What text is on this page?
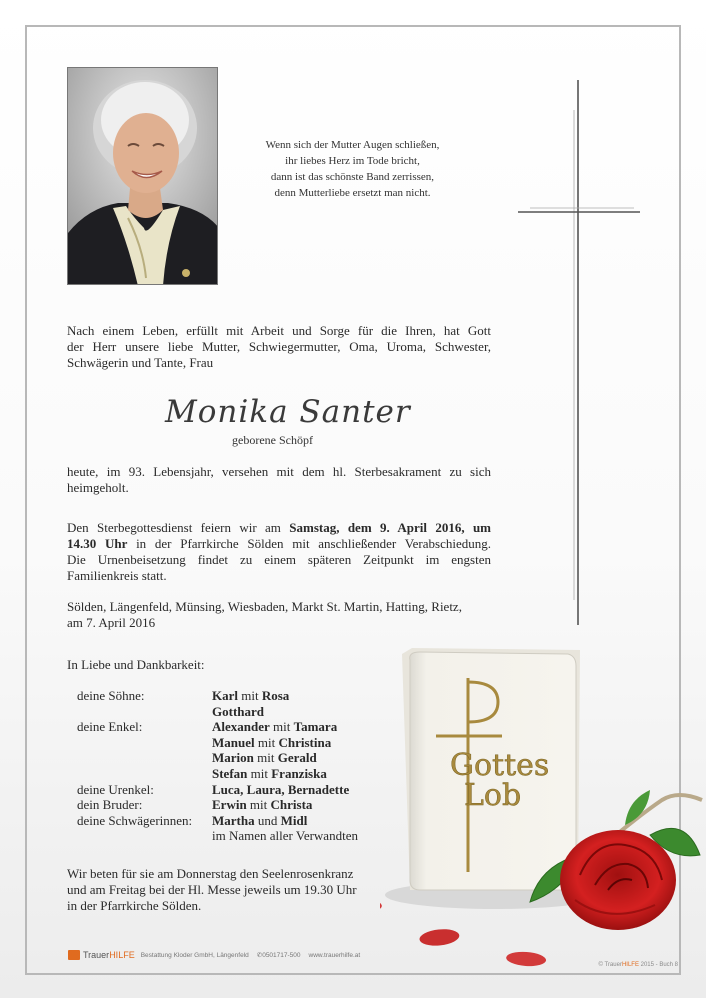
Wenn sich der Mutter Augen schließen,
ihr liebes Herz im Tode bricht,
dann ist das schönste Band zerrissen,
denn Mutterliebe ersetzt man nicht.
Nach einem Leben, erfüllt mit Arbeit und Sorge für die Ihren, hat Gott
der Herr unsere liebe Mutter, Schwiegermutter, Oma, Uroma, Schwester,
Schwägerin und Tante, Frau
Monika Santer
geborene Schöpf
heute, im 93. Lebensjahr, versehen mit dem hl. Sterbesakrament zu sich
heimgeholt.
Den Sterbegottesdienst feiern wir am Samstag, dem 9. April 2016, um
14.30 Uhr in der Pfarrkirche Sölden mit anschließender Verabschiedung.
Die Urnenbeisetzung findet zu einem späteren Zeitpunkt im engsten
Familienkreis statt.
Sölden, Längenfeld, Münsing, Wiesbaden, Markt St. Martin, Hatting, Rietz,
am 7. April 2016
In Liebe und Dankbarkeit:
deine Söhne:	Karl mit Rosa
Gotthard
deine Enkel:	Alexander mit Tamara
Manuel mit Christina
Marion mit Gerald
Stefan mit Franziska
deine Urenkel:	Luca, Laura, Bernadette
dein Bruder:	Erwin mit Christa
deine Schwägerinnen:	Martha und Midl
im Namen aller Verwandten
Gottes
Lob
Wir beten für sie am Donnerstag den Seelenrosenkranz
und am Freitag bei der Hl. Messe jeweils um 19.30 Uhr
in der Pfarrkirche Sölden.
TrauerHILFE Bestattung Kloder GmbH, Längenfeld ✆0501717-500 www.trauerhilfe.at
© TrauerHILFE 2015 - Buch 8
